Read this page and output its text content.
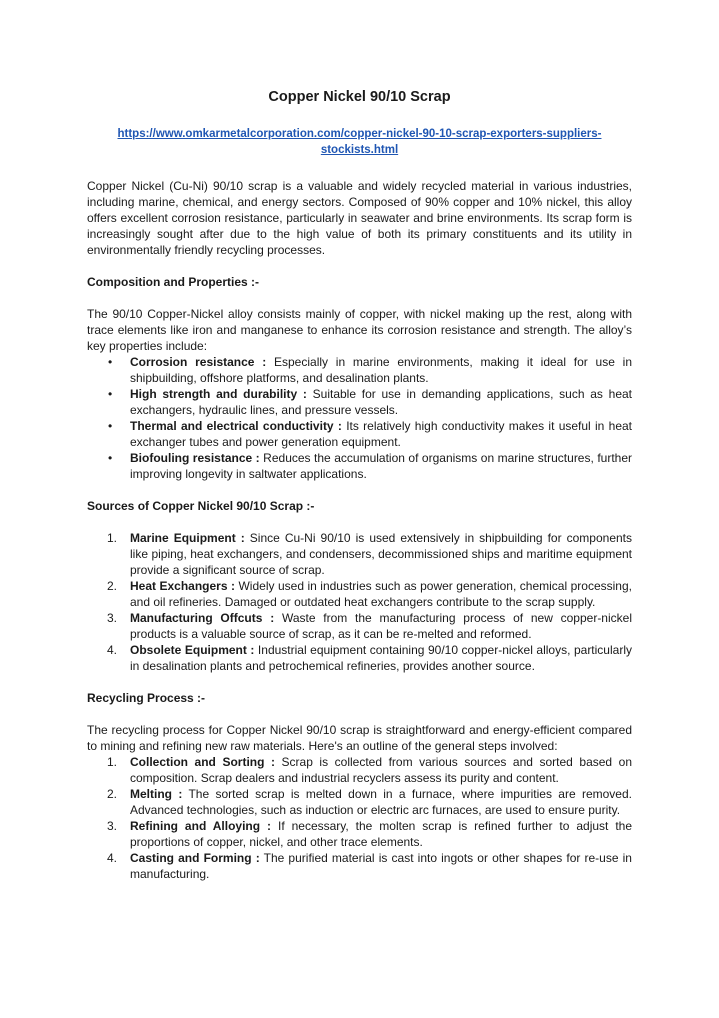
Copper Nickel 90/10 Scrap
https://www.omkarmetalcorporation.com/copper-nickel-90-10-scrap-exporters-suppliers-stockists.html

Copper Nickel (Cu-Ni) 90/10 scrap is a valuable and widely recycled material in various industries, including marine, chemical, and energy sectors. Composed of 90% copper and 10% nickel, this alloy offers excellent corrosion resistance, particularly in seawater and brine environments. Its scrap form is increasingly sought after due to the high value of both its primary constituents and its utility in environmentally friendly recycling processes.

Composition and Properties :-

The 90/10 Copper-Nickel alloy consists mainly of copper, with nickel making up the rest, along with trace elements like iron and manganese to enhance its corrosion resistance and strength. The alloy’s key properties include:

• Corrosion resistance : Especially in marine environments, making it ideal for use in shipbuilding, offshore platforms, and desalination plants.
• High strength and durability : Suitable for use in demanding applications, such as heat exchangers, hydraulic lines, and pressure vessels.
• Thermal and electrical conductivity : Its relatively high conductivity makes it useful in heat exchanger tubes and power generation equipment.
• Biofouling resistance : Reduces the accumulation of organisms on marine structures, further improving longevity in saltwater applications.

Sources of Copper Nickel 90/10 Scrap :-

1. Marine Equipment : Since Cu-Ni 90/10 is used extensively in shipbuilding for components like piping, heat exchangers, and condensers, decommissioned ships and maritime equipment provide a significant source of scrap.
2. Heat Exchangers : Widely used in industries such as power generation, chemical processing, and oil refineries. Damaged or outdated heat exchangers contribute to the scrap supply.
3. Manufacturing Offcuts : Waste from the manufacturing process of new copper-nickel products is a valuable source of scrap, as it can be re-melted and reformed.
4. Obsolete Equipment : Industrial equipment containing 90/10 copper-nickel alloys, particularly in desalination plants and petrochemical refineries, provides another source.

Recycling Process :-

The recycling process for Copper Nickel 90/10 scrap is straightforward and energy-efficient compared to mining and refining new raw materials. Here's an outline of the general steps involved:

1. Collection and Sorting : Scrap is collected from various sources and sorted based on composition. Scrap dealers and industrial recyclers assess its purity and content.
2. Melting : The sorted scrap is melted down in a furnace, where impurities are removed. Advanced technologies, such as induction or electric arc furnaces, are used to ensure purity.
3. Refining and Alloying : If necessary, the molten scrap is refined further to adjust the proportions of copper, nickel, and other trace elements.
4. Casting and Forming : The purified material is cast into ingots or other shapes for re-use in manufacturing.
